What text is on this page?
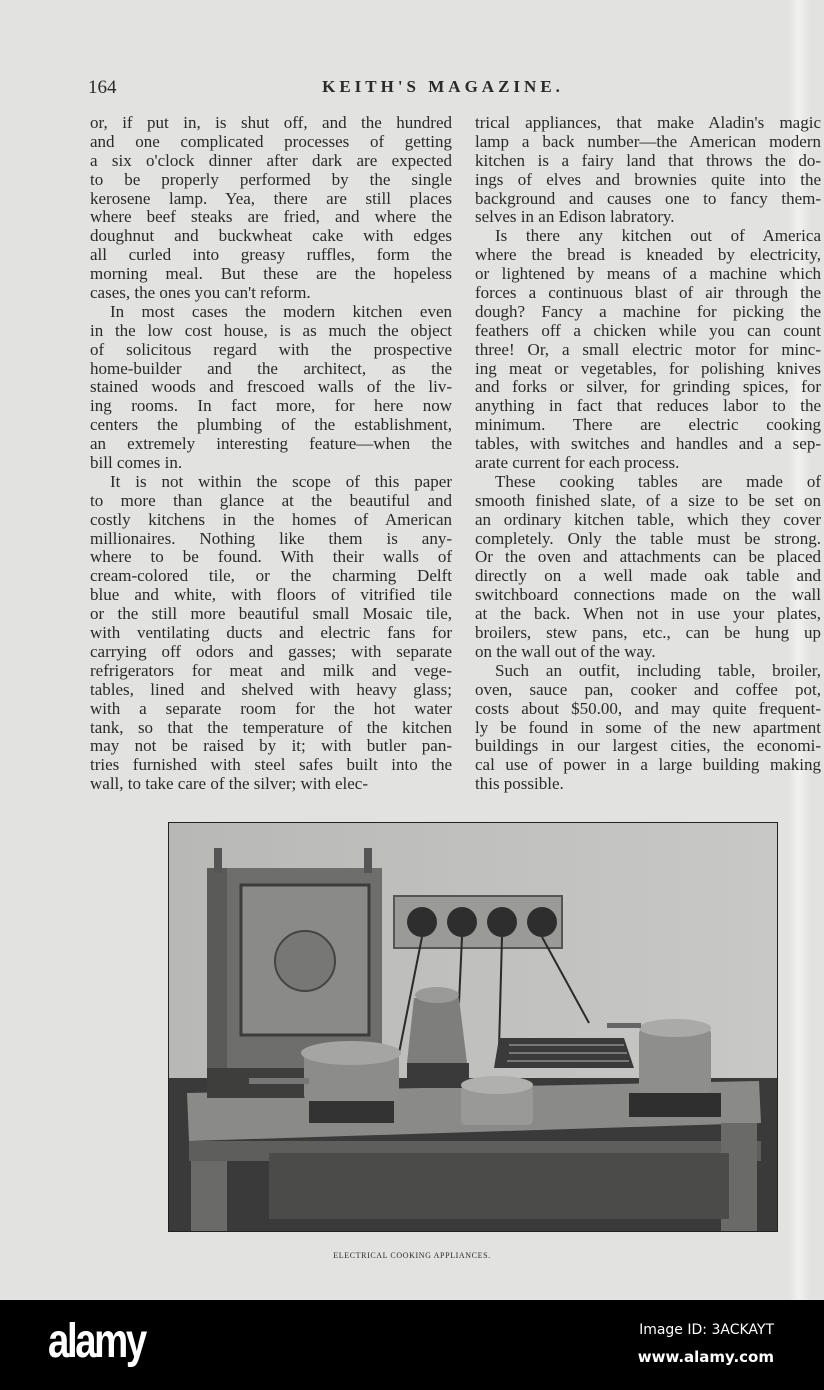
164	KEITH'S MAGAZINE.
or, if put in, is shut off, and the hundred
and one complicated processes of getting
a six o'clock dinner after dark are expected
to be properly performed by the single
kerosene lamp. Yea, there are still places
where beef steaks are fried, and where the
doughnut and buckwheat cake with edges
all curled into greasy ruffles, form the
morning meal. But these are the hopeless
cases, the ones you can't reform.
In most cases the modern kitchen even
in the low cost house, is as much the object
of solicitous regard with the prospective
home-builder and the architect, as the
stained woods and frescoed walls of the liv-
ing rooms. In fact more, for here now
centers the plumbing of the establishment,
an extremely interesting feature—when the
bill comes in.
It is not within the scope of this paper
to more than glance at the beautiful and
costly kitchens in the homes of American
millionaires. Nothing like them is any-
where to be found. With their walls of
cream-colored tile, or the charming Delft
blue and white, with floors of vitrified tile
or the still more beautiful small Mosaic tile,
with ventilating ducts and electric fans for
carrying off odors and gasses; with separate
refrigerators for meat and milk and vege-
tables, lined and shelved with heavy glass;
with a separate room for the hot water
tank, so that the temperature of the kitchen
may not be raised by it; with butler pan-
tries furnished with steel safes built into the
wall, to take care of the silver; with elec-
trical appliances, that make Aladin's magic
lamp a back number—the American modern
kitchen is a fairy land that throws the do-
ings of elves and brownies quite into the
background and causes one to fancy them-
selves in an Edison labratory.
Is there any kitchen out of America
where the bread is kneaded by electricity,
or lightened by means of a machine which
forces a continuous blast of air through the
dough? Fancy a machine for picking the
feathers off a chicken while you can count
three! Or, a small electric motor for minc-
ing meat or vegetables, for polishing knives
and forks or silver, for grinding spices, for
anything in fact that reduces labor to the
minimum. There are electric cooking
tables, with switches and handles and a sep-
arate current for each process.
These cooking tables are made of
smooth finished slate, of a size to be set on
an ordinary kitchen table, which they cover
completely. Only the table must be strong.
Or the oven and attachments can be placed
directly on a well made oak table and
switchboard connections made on the wall
at the back. When not in use your plates,
broilers, stew pans, etc., can be hung up
on the wall out of the way.
Such an outfit, including table, broiler,
oven, sauce pan, cooker and coffee pot,
costs about $50.00, and may quite frequent-
ly be found in some of the new apartment
buildings in our largest cities, the economi-
cal use of power in a large building making
this possible.
ELECTRICAL COOKING APPLIANCES.
alamy	Image ID: 3ACKAYT
www.alamy.com
